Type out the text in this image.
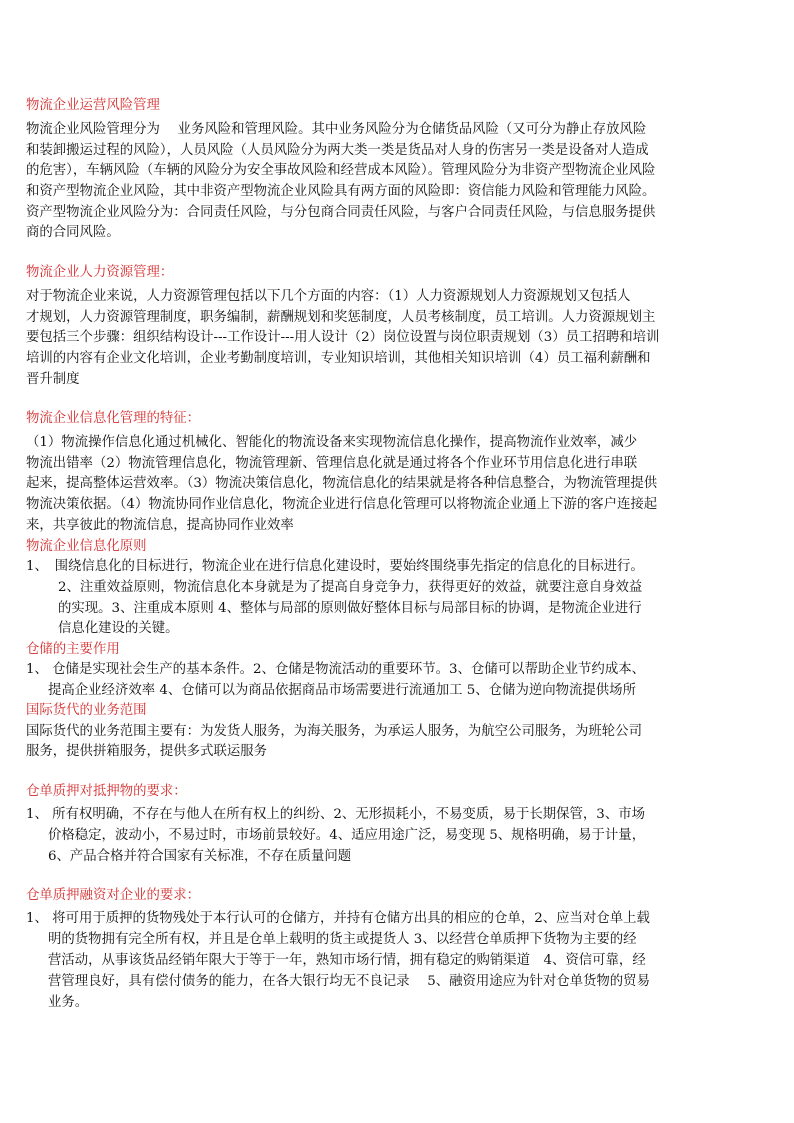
物流企业运营风险管理
物流企业风险管理分为　 业务风险和管理风险。其中业务风险分为仓储货品风险（又可分为静止存放风险
和装卸搬运过程的风险），人员风险（人员风险分为两大类一类是货品对人身的伤害另一类是设备对人造成
的危害），车辆风险（车辆的风险分为安全事故风险和经营成本风险）。管理风险分为非资产型物流企业风险
和资产型物流企业风险，其中非资产型物流企业风险具有两方面的风险即：资信能力风险和管理能力风险。
资产型物流企业风险分为：合同责任风险，与分包商合同责任风险，与客户合同责任风险，与信息服务提供
商的合同风险。
物流企业人力资源管理：
对于物流企业来说，人力资源管理包括以下几个方面的内容：（1）人力资源规划人力资源规划又包括人
才规划，人力资源管理制度，职务编制，薪酬规划和奖惩制度，人员考核制度，员工培训。人力资源规划主
要包括三个步骤：组织结构设计---工作设计---用人设计（2）岗位设置与岗位职责规划（3）员工招聘和培训
培训的内容有企业文化培训，企业考勤制度培训，专业知识培训，其他相关知识培训（4）员工福利薪酬和
晋升制度
物流企业信息化管理的特征：
（1）物流操作信息化通过机械化、智能化的物流设备来实现物流信息化操作，提高物流作业效率，减少
物流出错率（2）物流管理信息化，物流管理新、管理信息化就是通过将各个作业环节用信息化进行串联
起来，提高整体运营效率。（3）物流决策信息化，物流信息化的结果就是将各种信息整合，为物流管理提供
物流决策依据。（4）物流协同作业信息化，物流企业进行信息化管理可以将物流企业通上下游的客户连接起
来，共享彼此的物流信息，提高协同作业效率
物流企业信息化原则
1、　围绕信息化的目标进行，物流企业在进行信息化建设时，要始终围绕事先指定的信息化的目标进行。
2、注重效益原则，物流信息化本身就是为了提高自身竞争力，获得更好的效益，就要注意自身效益
的实现。3、注重成本原则 4、整体与局部的原则做好整体目标与局部目标的协调，是物流企业进行
信息化建设的关键。
仓储的主要作用
1、 仓储是实现社会生产的基本条件。2、仓储是物流活动的重要环节。3、仓储可以帮助企业节约成本、
提高企业经济效率 4、仓储可以为商品依据商品市场需要进行流通加工 5、仓储为逆向物流提供场所
国际货代的业务范围
国际货代的业务范围主要有：为发货人服务，为海关服务，为承运人服务，为航空公司服务，为班轮公司
服务，提供拼箱服务，提供多式联运服务
仓单质押对抵押物的要求：
1、 所有权明确，不存在与他人在所有权上的纠纷、2、无形损耗小，不易变质，易于长期保管，3、市场
价格稳定，波动小，不易过时，市场前景较好。4、适应用途广泛，易变现 5、规格明确，易于计量，
6、产品合格并符合国家有关标准，不存在质量问题
仓单质押融资对企业的要求：
1、 将可用于质押的货物残处于本行认可的仓储方，并持有仓储方出具的相应的仓单，2、应当对仓单上载
明的货物拥有完全所有权，并且是仓单上载明的货主或提货人 3、以经营仓单质押下货物为主要的经
营活动，从事该货品经销年限大于等于一年，熟知市场行情，拥有稳定的购销渠道　4、资信可靠，经
营管理良好，具有偿付债务的能力，在各大银行均无不良记录　 5、融资用途应为针对仓单货物的贸易
业务。
